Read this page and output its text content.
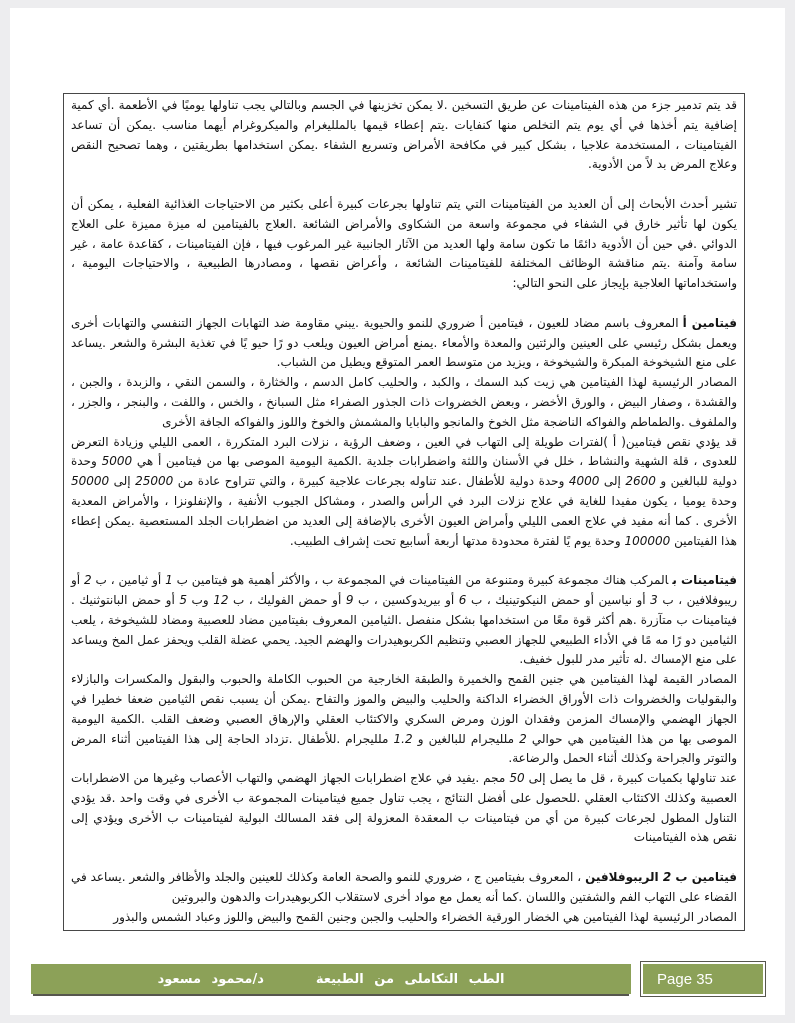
قد يتم تدمير جزء من هذه الفيتامينات عن طريق التسخين .لا يمكن تخزينها في الجسم وبالتالي يجب تناولها يوميًا في الأطعمة .أي كمية إضافية يتم أخذها في أي يوم يتم التخلص منها كنفايات .يتم إعطاء قيمها بالملليغرام والميكروغرام أيهما مناسب .يمكن أن تساعد الفيتامينات ، المستخدمة علاجيا ، بشكل كبير في مكافحة الأمراض وتسريع الشفاء .يمكن استخدامها بطريقتين ، وهما تصحيح النقص وعلاج المرض بد لاً من الأدوية.

تشير أحدث الأبحاث إلى أن العديد من الفيتامينات التي يتم تناولها بجرعات كبيرة أعلى بكثير من الاحتياجات الغذائية الفعلية ، يمكن أن يكون لها تأثير خارق في الشفاء في مجموعة واسعة من الشكاوى والأمراض الشائعة .العلاج بالفيتامين له ميزة مميزة على العلاج الدوائي .في حين أن الأدوية دائمًا ما تكون سامة ولها العديد من الآثار الجانبية غير المرغوب فيها ، فإن الفيتامينات ، كقاعدة عامة ، غير سامة وآمنة .يتم مناقشة الوظائف المختلفة للفيتامينات الشائعة ، وأعراض نقصها ، ومصادرها الطبيعية ، والاحتياجات اليومية ، واستخداماتها العلاجية بإيجاز على النحو التالي:

فيتامين أالمعروف باسم مضاد للعيون ، فيتامين أ ضروري للنمو والحيوية .يبني مقاومة ضد التهابات الجهاز التنفسي والتهابات أخرى ويعمل بشكل رئيسي على العينين والرئتين والمعدة والأمعاء .يمنع أمراض العيون ويلعب دو رًا حيو يًا في تغذية البشرة والشعر .يساعد على منع الشيخوخة المبكرة والشيخوخة ، ويزيد من متوسط العمر المتوقع ويطيل من الشباب.

المصادر الرئيسية لهذا الفيتامين هي زيت كبد السمك ، والكبد ، والحليب كامل الدسم ، والخثارة ، والسمن النقي ، والزبدة ، والجبن ، والقشدة ، وصفار البيض ، والورق الأخضر ، وبعض الخضروات ذات الجذور الصفراء مثل السبانخ ، والخس ، واللفت ، والبنجر ، والجزر ، والملفوف .والطماطم والفواكه الناضجة مثل الخوخ والمانجو والبابايا والمشمش والخوخ واللوز والفواكه الجافة الأخرى

قد يؤدي نقص فيتامين( أ )لفترات طويلة إلى التهاب في العين ، وضعف الرؤية ، نزلات البرد المتكررة ، العمى الليلي وزيادة التعرض للعدوى ، قلة الشهية والنشاط ، خلل في الأسنان واللثة واضطرابات جلدية .الكمية اليومية الموصى بها من فيتامين أ هي 5000 وحدة دولية للبالغين و 2600 إلى 4000 وحدة دولية للأطفال .عند تناوله بجرعات علاجية كبيرة ، والتي تتراوح عادة من 25000 إلى 50000 وحدة يوميا ، يكون مفيدا للغاية في علاج نزلات البرد في الرأس والصدر ، ومشاكل الجيوب الأنفية ، والإنفلونزا ، والأمراض المعدية الأخرى . كما أنه مفيد في علاج العمى الليلي وأمراض العيون الأخرى بالإضافة إلى العديد من اضطرابات الجلد المستعصية .يمكن إعطاء هذا الفيتامين 100000 وحدة يوم يًا لفترة محدودة مدتها أربعة أسابيع تحت إشراف الطبيب.

فيتامينات بالمركب هناك مجموعة كبيرة ومتنوعة من الفيتامينات في المجموعة ب ، والأكثر أهمية هو فيتامين ب 1 أو ثيامين ، ب 2 أو ريبوفلافين ، ب 3 أو نياسين أو حمض النيكوتينيك ، ب 6 أو بيريدوكسين ، ب 9 أو حمض الفوليك ، ب 12 وب 5 أو حمض البانتوثنيك . فيتامينات ب متآزرة .هم أكثر قوة معًا من استخدامها بشكل منفصل .الثيامين المعروف بفيتامين مضاد للعصبية ومضاد للشيخوخة ، يلعب الثيامين دو رًا مه مًا في الأداء الطبيعي للجهاز العصبي وتنظيم الكربوهيدرات والهضم الجيد. يحمي عضلة القلب ويحفز عمل المخ ويساعد على منع الإمساك .له تأثير مدر للبول خفيف.

المصادر القيمة لهذا الفيتامين هي جنين القمح والخميرة والطبقة الخارجية من الحبوب الكاملة والحبوب والبقول والمكسرات والبازلاء والبقوليات والخضروات ذات الأوراق الخضراء الداكنة والحليب والبيض والموز والتفاح .يمكن أن يسبب نقص الثيامين ضعفا خطيرا في الجهاز الهضمي والإمساك المزمن وفقدان الوزن ومرض السكري والاكتئاب العقلي والإرهاق العصبي وضعف القلب .الكمية اليومية الموصى بها من هذا الفيتامين هي حوالي 2 ملليجرام للبالغين و 1.2 ملليجرام .للأطفال .تزداد الحاجة إلى هذا الفيتامين أثناء المرض والتوتر والجراحة وكذلك أثناء الحمل والرضاعة.

عند تناولها بكميات كبيرة ، قل ما يصل إلى 50 مجم .يفيد في علاج اضطرابات الجهاز الهضمي والتهاب الأعصاب وغيرها من الاضطرابات العصبية وكذلك الاكتئاب العقلي .للحصول على أفضل النتائج ، يجب تناول جميع فيتامينات المجموعة ب الأخرى في وقت واحد .قد يؤدي التناول المطول لجرعات كبيرة من أي من فيتامينات ب المعقدة المعزولة إلى فقد المسالك البولية لفيتامينات ب الأخرى ويؤدي إلى نقص هذه الفيتامينات

فيتامين ب 2 الريبوفلافين، المعروف بفيتامين ج ، ضروري للنمو والصحة العامة وكذلك للعينين والجلد والأظافر والشعر .يساعد في القضاء على التهاب الفم والشفتين واللسان .كما أنه يعمل مع مواد أخرى لاستقلاب الكربوهيدرات والدهون والبروتين

المصادر الرئيسية لهذا الفيتامين هي الخضار الورقية الخضراء والحليب والجبن وجنين القمح والبيض واللوز وعباد الشمس والبذور

Page 35
الطب التكاملى من الطبيعة
د/محمود مسعود
